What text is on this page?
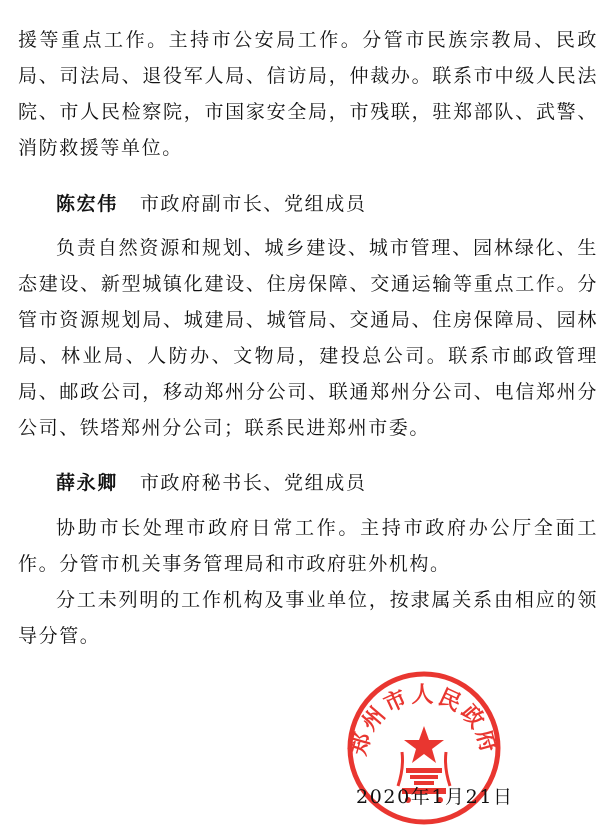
援等重点工作。主持市公安局工作。分管市民族宗教局、民政局、司法局、退役军人局、信访局，仲裁办。联系市中级人民法院、市人民检察院，市国家安全局，市残联，驻郑部队、武警、消防救援等单位。

陈宏伟 市政府副市长、党组成员

负责自然资源和规划、城乡建设、城市管理、园林绿化、生态建设、新型城镇化建设、住房保障、交通运输等重点工作。分管市资源规划局、城建局、城管局、交通局、住房保障局、园林局、林业局、人防办、文物局，建投总公司。联系市邮政管理局、邮政公司，移动郑州分公司、联通郑州分公司、电信郑州分公司、铁塔郑州分公司；联系民进郑州市委。

薛永卿 市政府秘书长、党组成员

协助市长处理市政府日常工作。主持市政府办公厅全面工作。分管市机关事务管理局和市政府驻外机构。

分工未列明的工作机构及事业单位，按隶属关系由相应的领导分管。

郑州市人民政府

2020年1月21日
